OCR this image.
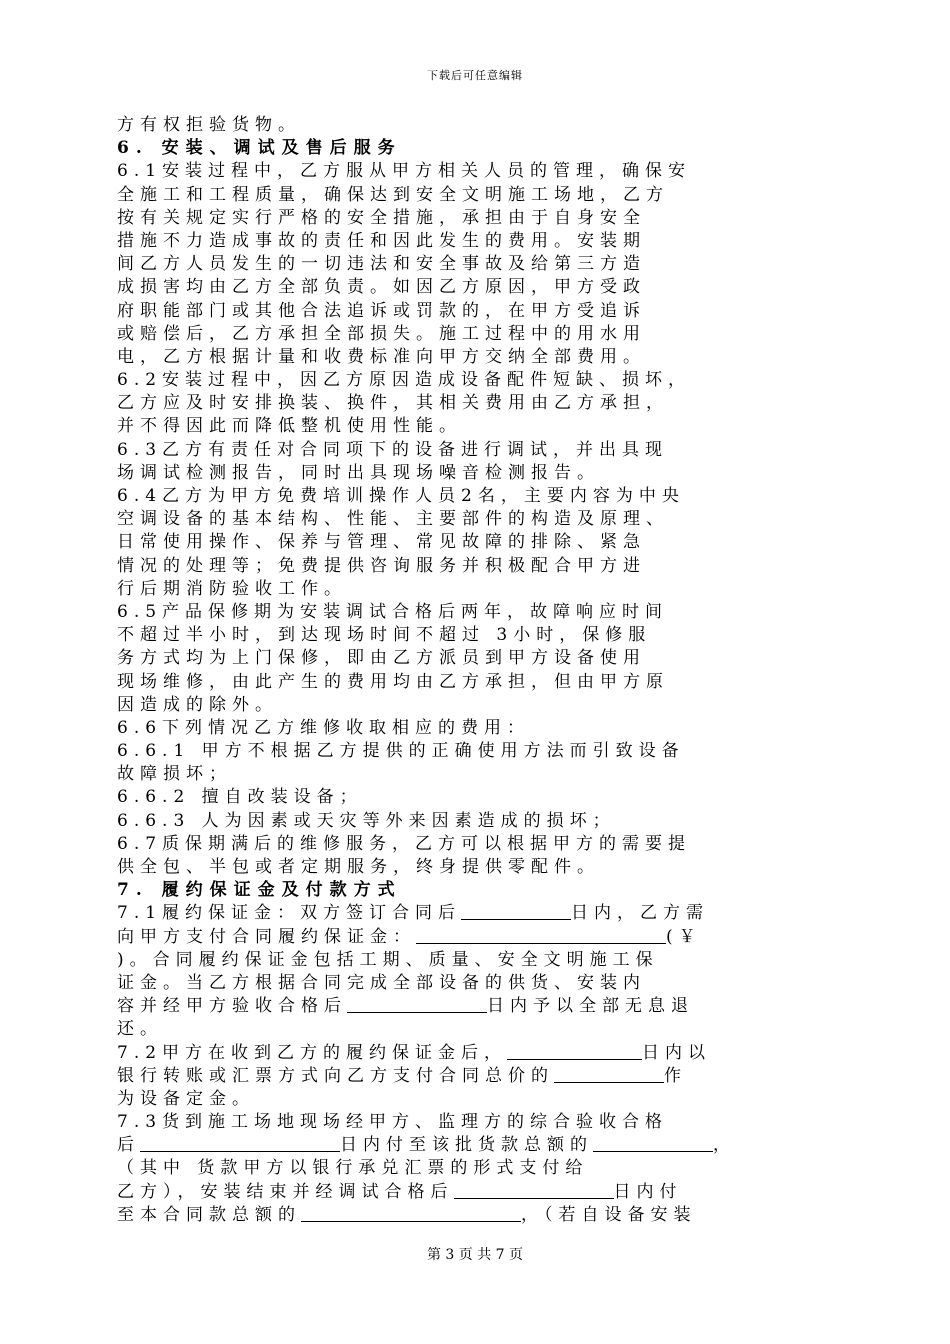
下载后可任意编辑
方有权拒验货物。
6. 安装、调试及售后服务
6.1安装过程中，乙方服从甲方相关人员的管理，确保安
全施工和工程质量，确保达到安全文明施工场地，乙方
按有关规定实行严格的安全措施，承担由于自身安全
措施不力造成事故的责任和因此发生的费用。安装期
间乙方人员发生的一切违法和安全事故及给第三方造
成损害均由乙方全部负责。如因乙方原因，甲方受政
府职能部门或其他合法追诉或罚款的，在甲方受追诉
或赔偿后，乙方承担全部损失。施工过程中的用水用
电，乙方根据计量和收费标准向甲方交纳全部费用。
6.2安装过程中，因乙方原因造成设备配件短缺、损坏，
乙方应及时安排换装、换件，其相关费用由乙方承担，
并不得因此而降低整机使用性能。
6.3乙方有责任对合同项下的设备进行调试，并出具现
场调试检测报告，同时出具现场噪音检测报告。
6.4乙方为甲方免费培训操作人员2名，主要内容为中央
空调设备的基本结构、性能、主要部件的构造及原理、
日常使用操作、保养与管理、常见故障的排除、紧急
情况的处理等；免费提供咨询服务并积极配合甲方进
行后期消防验收工作。
6.5产品保修期为安装调试合格后两年，故障响应时间
不超过半小时，到达现场时间不超过 3小时，保修服
务方式均为上门保修，即由乙方派员到甲方设备使用
现场维修，由此产生的费用均由乙方承担，但由甲方原
因造成的除外。
6.6下列情况乙方维修收取相应的费用：
6.6.1 甲方不根据乙方提供的正确使用方法而引致设备
故障损坏；
6.6.2 擅自改装设备；
6.6.3 人为因素或天灾等外来因素造成的损坏；
6.7质保期满后的维修服务，乙方可以根据甲方的需要提
供全包、半包或者定期服务，终身提供零配件。
7. 履约保证金及付款方式
7.1履约保证金：双方签订合同后	日内，乙方需
向甲方支付合同履约保证金：	(￥
)。合同履约保证金包括工期、质量、安全文明施工保
证金。当乙方根据合同完成全部设备的供货、安装内
容并经甲方验收合格后	日内予以全部无息退
还。
7.2甲方在收到乙方的履约保证金后，	日内以
银行转账或汇票方式向乙方支付合同总价的	作
为设备定金。
7.3货到施工场地现场经甲方、监理方的综合验收合格
后	日内付至该批货款总额的	，
（其中 货款甲方以银行承兑汇票的形式支付给
乙方），安装结束并经调试合格后	日内付
至本合同款总额的	，（若自设备安装
第 3 页 共 7 页
